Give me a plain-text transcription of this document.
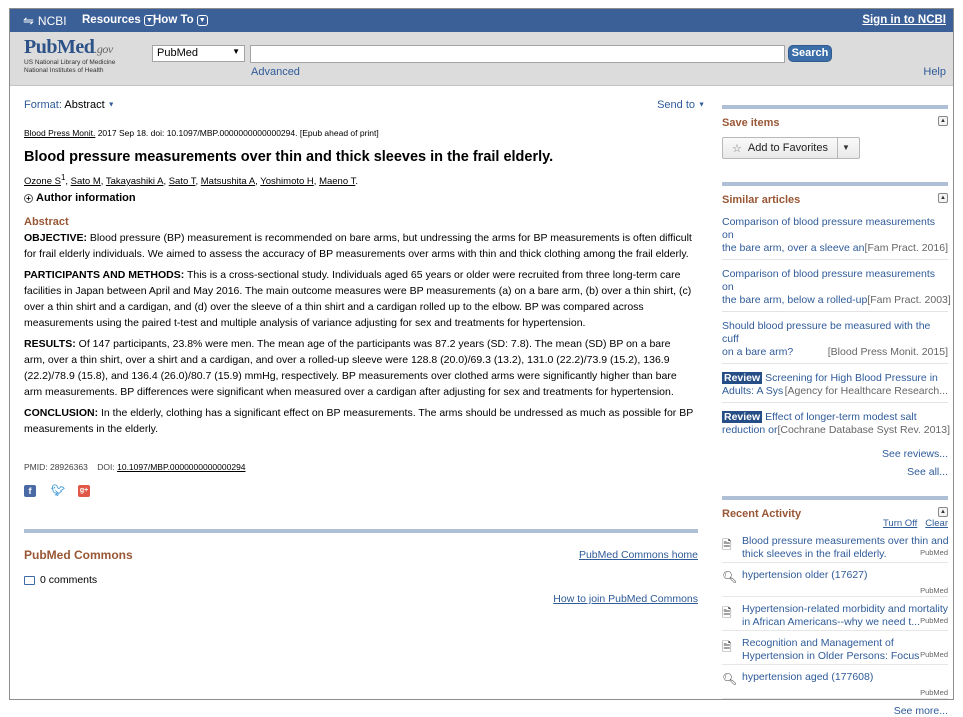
⇋ NCBI Resources ▼ How To ▼	Sign in to NCBI
PubMed.gov
US National Library of Medicine
National Institutes of Health
PubMed	▼	Search
Advanced	Help
Format: Abstract ▼	Send to ▼
Blood Press Monit. 2017 Sep 18. doi: 10.1097/MBP.0000000000000294. [Epub ahead of print]
Blood pressure measurements over thin and thick sleeves in the frail elderly.
Ozone $S^1$, Sato M, Takayashiki A, Sato T, Matsushita A, Yoshimoto H, Maeno T.
+ Author information
Abstract

OBJECTIVE: Blood pressure (BP) measurement is recommended on bare arms, but undressing the arms for BP measurements is often difficult for frail elderly individuals. We aimed to assess the accuracy of BP measurements over arms with thin and thick clothing among the frail elderly.

PARTICIPANTS AND METHODS: This is a cross-sectional study. Individuals aged 65 years or older were recruited from three long-term care facilities in Japan between April and May 2016. The main outcome measures were BP measurements (a) on a bare arm, (b) over a thin shirt, (c) over a thin shirt and a cardigan, and (d) over the sleeve of a thin shirt and a cardigan rolled up to the elbow. BP was compared across measurements using the paired t-test and multiple analysis of variance adjusting for sex and treatments for hypertension.

RESULTS: Of 147 participants, 23.8% were men. The mean age of the participants was 87.2 years (SD: 7.8). The mean (SD) BP on a bare arm, over a thin shirt, over a shirt and a cardigan, and over a rolled-up sleeve were 128.8 (20.0)/69.3 (13.2), 131.0 (22.2)/73.9 (15.2), 136.9 (22.2)/78.9 (15.8), and 136.4 (26.0)/80.7 (15.9) mmHg, respectively. BP measurements over clothed arms were significantly higher than bare arm measurements. BP differences were significant when measured over a cardigan after adjusting for sex and treatments for hypertension.

CONCLUSION: In the elderly, clothing has a significant effect on BP measurements. The arms should be undressed as much as possible for BP measurements in the elderly.

PMID: 28926363 DOI: 10.1097/MBP.0000000000000294
f	🐦︎ g+
PubMed Commons	PubMed Commons home
0 comments
How to join PubMed Commons
Save items	▲
☆ Add to Favorites ▼
Similar articles	▲
Comparison of blood pressure measurements on
the bare arm, over a sleeve an [Fam Pract. 2016]
Comparison of blood pressure measurements on
the bare arm, below a rolled-up [Fam Pract. 2003]
Should blood pressure be measured with the cuff
on a bare arm?	[Blood Press Monit. 2015]
Review Screening for High Blood Pressure in
Adults: A Sys [Agency for Healthcare Research...
Review Effect of longer-term modest salt
reduction or [Cochrane Database Syst Rev. 2013]
See reviews...
See all...
Recent Activity	▲
Turn Off Clear
🗎︎ Blood pressure measurements over thin and
thick sleeves in the frail elderly.	PubMed
🔍︎ hypertension older (17627)
PubMed
🗎︎ Hypertension-related morbidity and mortality
in African Americans--why we need t... PubMed
🗎︎ Recognition and Management of
Hypertension in Older Persons: Focus PubMed
🔍︎ hypertension aged (177608)
PubMed
See more...
